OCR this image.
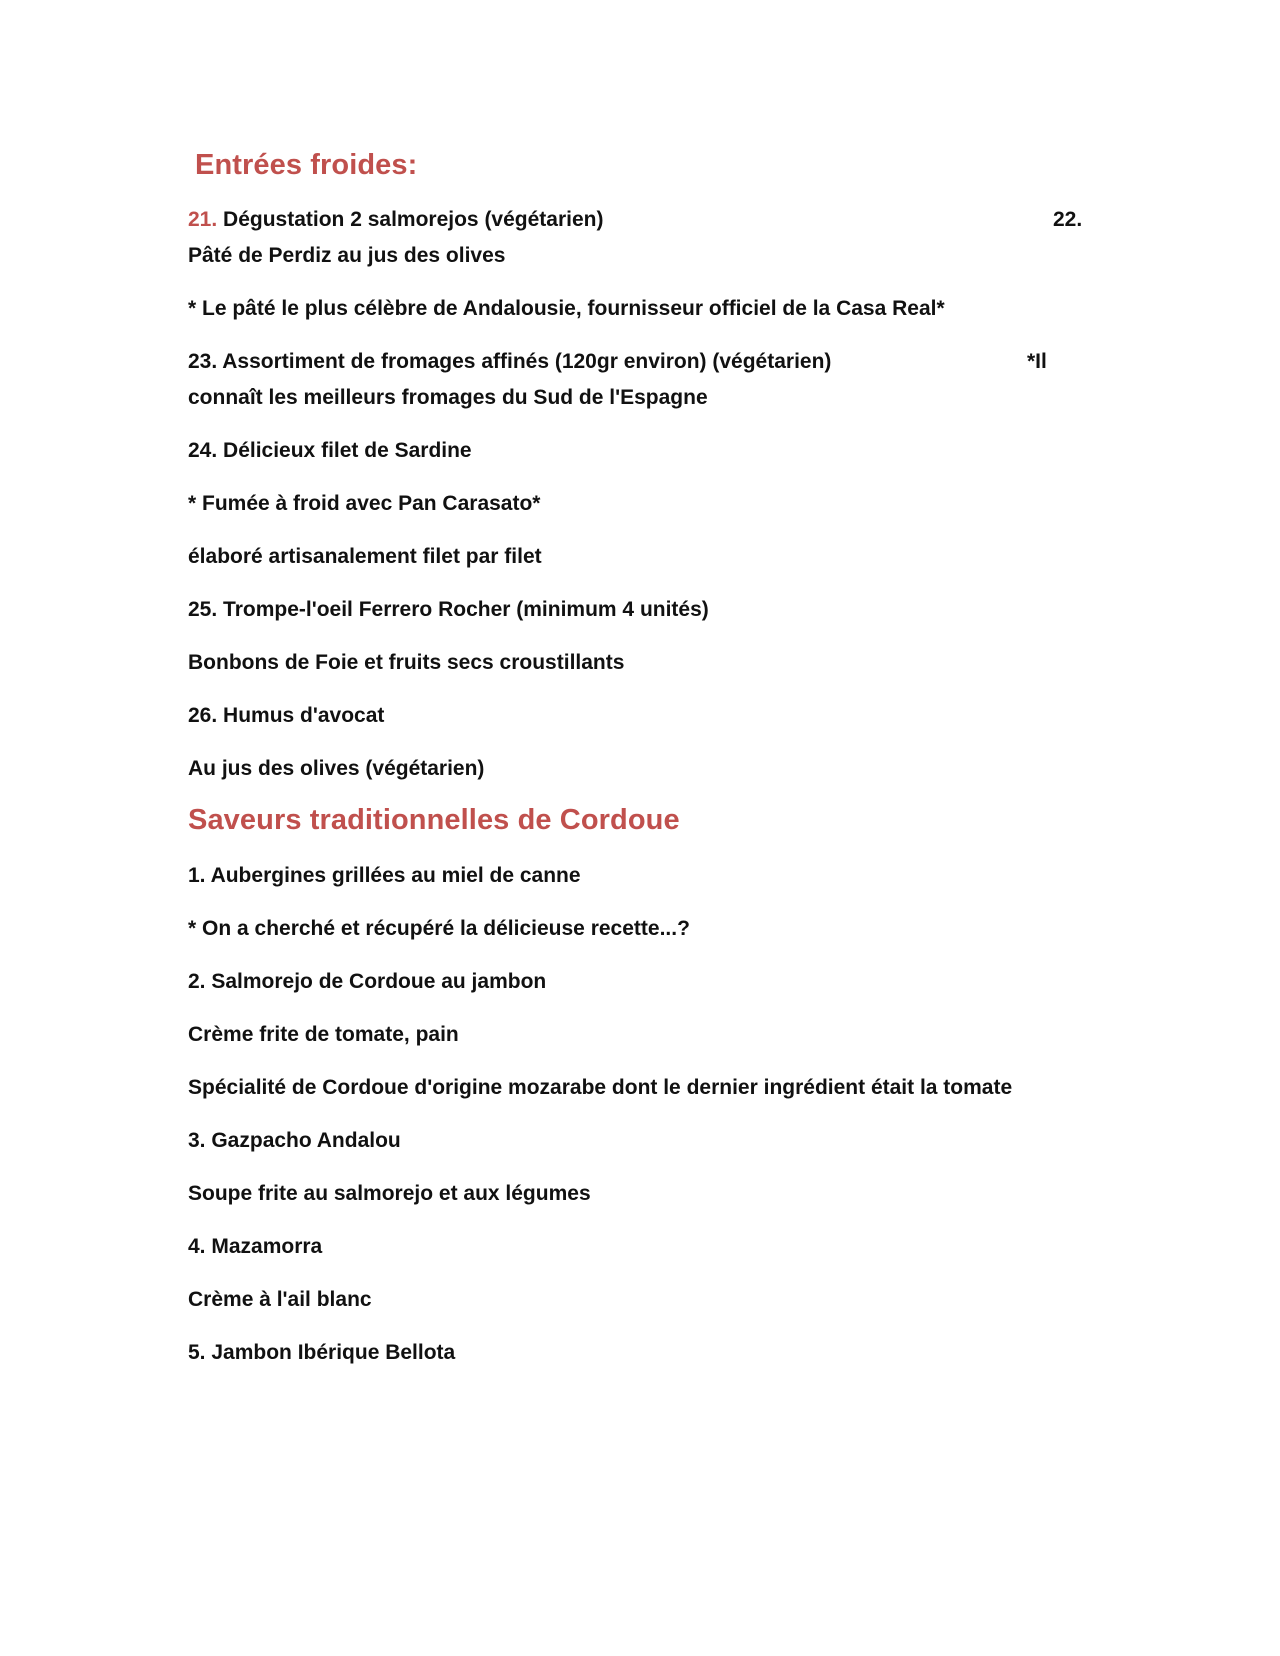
Entrées froides:
21. Dégustation 2 salmorejos (végétarien)	22.
Pâté de Perdiz au jus des olives
* Le pâté le plus célèbre de Andalousie, fournisseur officiel de la Casa Real*
23. Assortiment de fromages affinés (120gr environ) (végétarien)	*Il
connaît les meilleurs fromages du Sud de l'Espagne
24. Délicieux filet de Sardine
* Fumée à froid avec Pan Carasato*
élaboré artisanalement filet par filet
25. Trompe-l'oeil Ferrero Rocher (minimum 4 unités)
Bonbons de Foie et fruits secs croustillants
26. Humus d'avocat
Au jus des olives (végétarien)
Saveurs traditionnelles de Cordoue
1. Aubergines grillées au miel de canne
* On a cherché et récupéré la délicieuse recette...?
2. Salmorejo de Cordoue au jambon
Crème frite de tomate, pain
Spécialité de Cordoue d'origine mozarabe dont le dernier ingrédient était la tomate
3. Gazpacho Andalou
Soupe frite au salmorejo et aux légumes
4. Mazamorra
Crème à l'ail blanc
5. Jambon Ibérique Bellota
